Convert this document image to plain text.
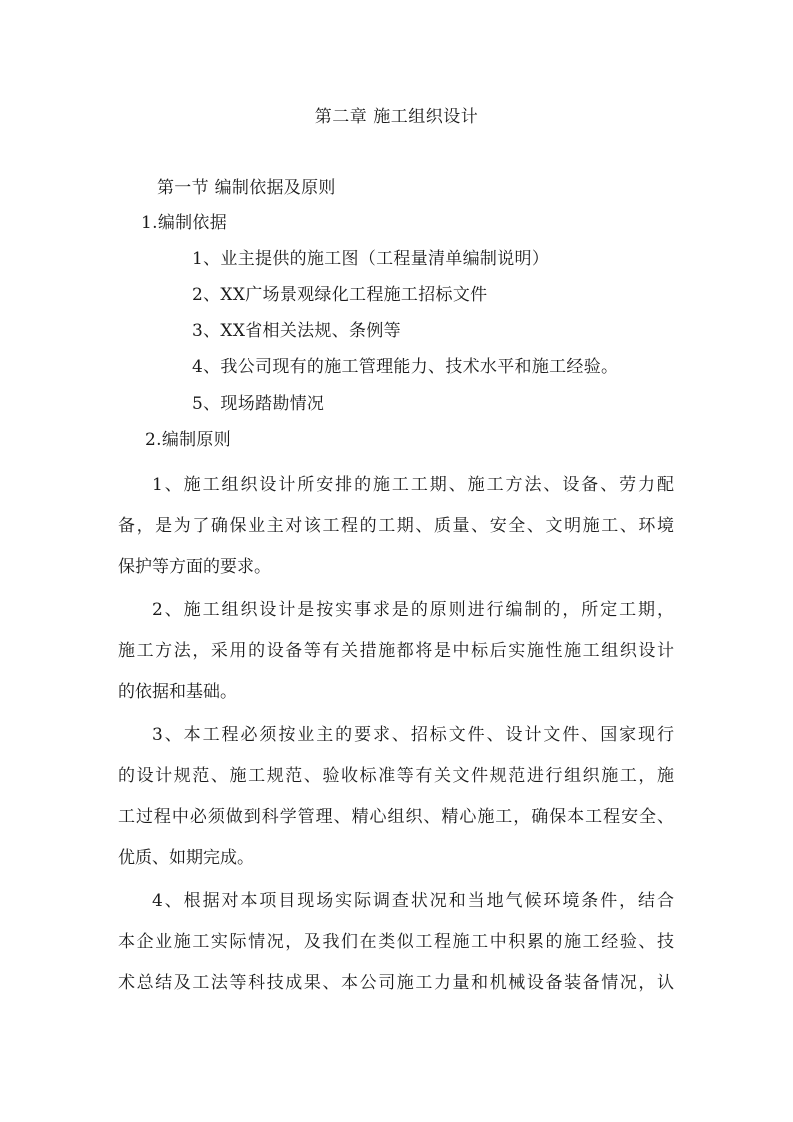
第二章 施工组织设计
第一节 编制依据及原则
1.编制依据
1、业主提供的施工图（工程量清单编制说明）
2、XX广场景观绿化工程施工招标文件
3、XX省相关法规、条例等
4、我公司现有的施工管理能力、技术水平和施工经验。
5、现场踏勘情况
2.编制原则
1、施工组织设计所安排的施工工期、施工方法、设备、劳力配
备，是为了确保业主对该工程的工期、质量、安全、文明施工、环境
保护等方面的要求。
2、施工组织设计是按实事求是的原则进行编制的，所定工期，
施工方法，采用的设备等有关措施都将是中标后实施性施工组织设计
的依据和基础。
3、本工程必须按业主的要求、招标文件、设计文件、国家现行
的设计规范、施工规范、验收标准等有关文件规范进行组织施工，施
工过程中必须做到科学管理、精心组织、精心施工，确保本工程安全、
优质、如期完成。
4、根据对本项目现场实际调查状况和当地气候环境条件，结合
本企业施工实际情况，及我们在类似工程施工中积累的施工经验、技
术总结及工法等科技成果、本公司施工力量和机械设备装备情况，认
